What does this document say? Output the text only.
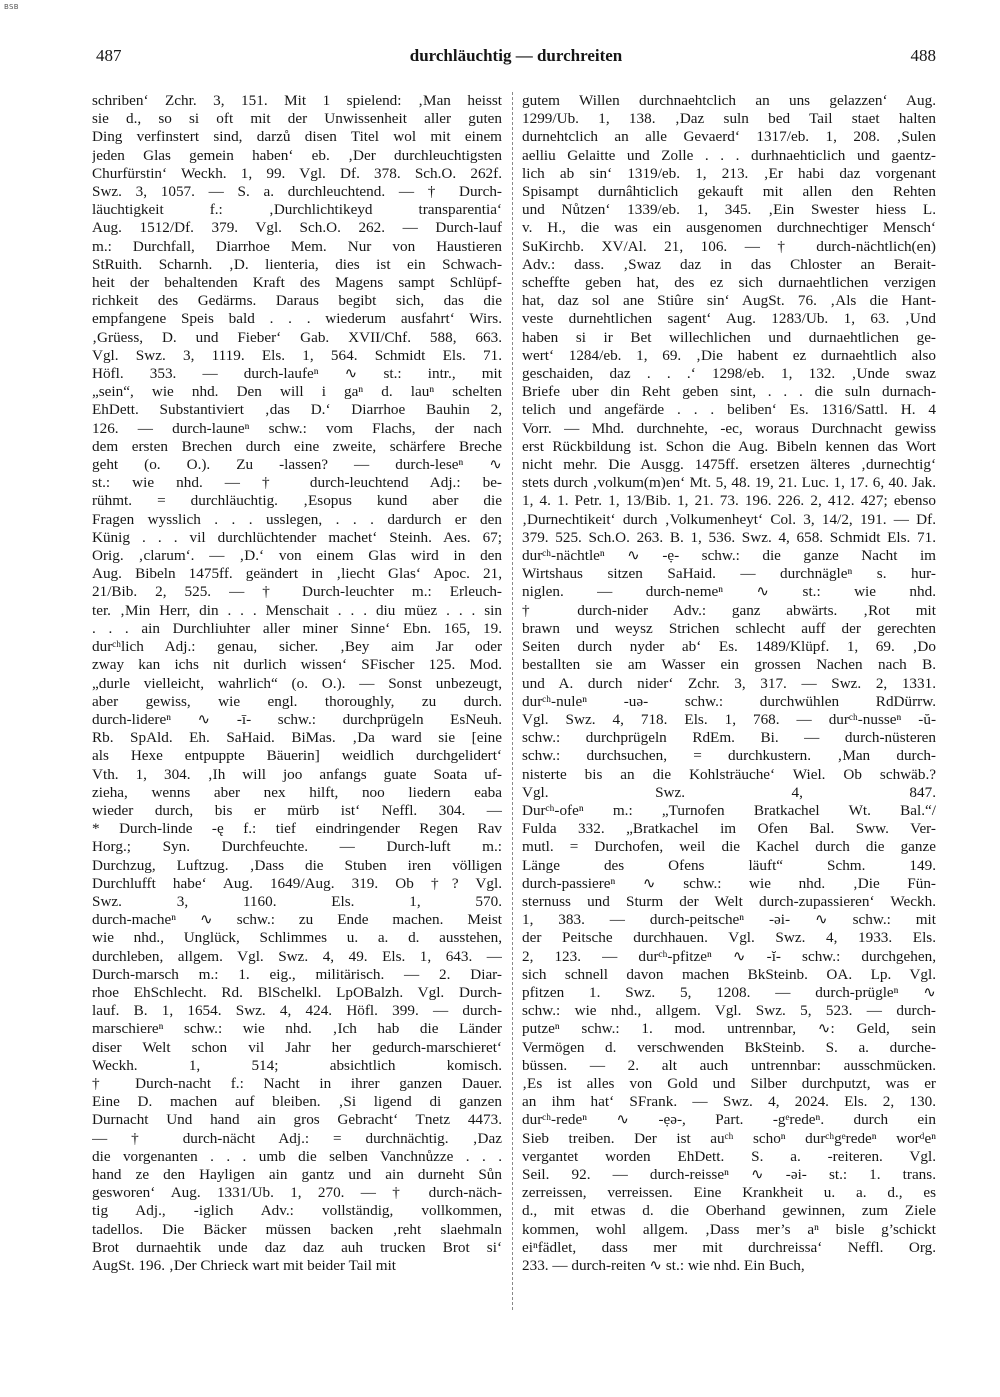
BSB
487	durchläuchtig — durchreiten	488
schriben‘ Zchr. 3, 151. Mit 1 spielend: ‚Man heisst
sie d., so si oft mit der Unwissenheit aller guten
Ding verfinstert sind, darzů disen Titel wol mit einem
jeden Glas gemein haben‘ eb. ‚Der durchleuchtigsten
Churfürstin‘ Weckh. 1, 99. Vgl. Df. 378. Sch.O. 262f.
Swz. 3, 1057. — S. a. durchleuchtend. — † Durch-
läuchtigkeit f.: ‚Durchlichtikeyd transparentia‘
Aug. 1512/Df. 379. Vgl. Sch.O. 262. — Durch-lauf
m.: Durchfall, Diarrhoe Mem. Nur von Haustieren
StRuith. Scharnh. ‚D. lienteria, dies ist ein Schwach-
heit der behaltenden Kraft des Magens sampt Schlüpf-
richkeit des Gedärms. Daraus begibt sich, das die
empfangene Speis bald . . . wiederum ausfahrt‘ Wirs.
‚Grüess, D. und Fieber‘ Gab. XVII/Chf. 588, 663.
Vgl. Swz. 3, 1119. Els. 1, 564. Schmidt Els. 71.
Höfl. 353. — durch-laufeⁿ ∿ st.: intr., mit
„sein“, wie nhd. Den will i gaⁿ d. lauⁿ schelten
EhDett. Substantiviert ‚das D.‘ Diarrhoe Bauhin 2,
126. — durch-launeⁿ schw.: vom Flachs, der nach
dem ersten Brechen durch eine zweite, schärfere Breche
geht (o. O.). Zu -lassen? — durch-leseⁿ ∿
st.: wie nhd. — † durch-leuchtend Adj.: be-
rühmt. = durchläuchtig. ‚Esopus kund aber die
Fragen wysslich . . . usslegen, . . . dardurch er den
Künig . . . vil durchlüchtender machet‘ Steinh. Aes. 67;
Orig. ‚clarum‘. — ‚D.‘ von einem Glas wird in den
Aug. Bibeln 1475ff. geändert in ‚liecht Glas‘ Apoc. 21,
21/Bib. 2, 525. — † Durch-leuchter m.: Erleuch-
ter. ‚Min Herr, din . . . Menschait . . . diu müez . . . sin
. . . ain Durchliuhter aller miner Sinne‘ Ebn. 165, 19.
durᶜʰlich Adj.: genau, sicher. ‚Bey aim Jar oder
zway kan ichs nit durlich wissen‘ SFischer 125. Mod.
„durle vielleicht, wahrlich“ (o. O.). — Sonst unbezeugt,
aber gewiss, wie engl. thoroughly, zu durch.
durch-liderеⁿ ∿ -ī- schw.: durchprügeln EsNeuh.
Rb. SpAld. Eh. SaHaid. BiMas. ‚Da ward sie [eine
als Hexe entpuppte Bäuerin] weidlich durchgelidert‘
Vth. 1, 304. ‚Ih will joo anfangs guate Soata uf-
zieha, wenns aber nex hilft, noo liedern eaba
wieder durch, bis er mürb ist‘ Neffl. 304. —
* Durch-linde -ę f.: tief eindringender Regen Rav
Horg.; Syn. Durchfeuchte. — Durch-luft m.:
Durchzug, Luftzug. ‚Dass die Stuben iren völligen
Durchlufft habe‘ Aug. 1649/Aug. 319. Ob †? Vgl.
Swz. 3, 1160. Els. 1, 570.
durch-macheⁿ ∿ schw.: zu Ende machen. Meist
wie nhd., Unglück, Schlimmes u. a. d. ausstehen,
durchleben, allgem. Vgl. Swz. 4, 49. Els. 1, 643. —
Durch-marsch m.: 1. eig., militärisch. — 2. Diar-
rhoe EhSchlecht. Rd. BlSchelkl. LpOBalzh. Vgl. Durch-
lauf. B. 1, 1654. Swz. 4, 424. Höfl. 399. — durch-
marschiereⁿ schw.: wie nhd. ‚Ich hab die Länder
diser Welt schon vil Jahr her gedurch-marschieret‘
Weckh. 1, 514; absichtlich komisch.
† Durch-nacht f.: Nacht in ihrer ganzen Dauer.
Eine D. machen auf bleiben. ‚Si ligend di ganzen
Durnacht Und hand ain gros Gebracht‘ Tnetz 4473.
— † durch-nächt Adj.: = durchnächtig. ‚Daz
die vorgenanten . . . umb die selben Vanchnůzze . . .
hand ze den Hayligen ain gantz und ain durneht Sůn
gesworen‘ Aug. 1331/Ub. 1, 270. — † durch-näch-
tig Adj., -iglich Adv.: vollständig, vollkommen,
tadellos. Die Bäcker müssen backen ‚reht slaehmaln
Brot durnaehtik unde daz daz auh trucken Brot si‘
AugSt. 196. ‚Der Chrieck wart mit beider Tail mit
gutem Willen durchnaehtclich an uns gelazzen‘ Aug.
1299/Ub. 1, 138. ‚Daz suln bed Tail staet halten
durnehtclich an alle Gevaerd‘ 1317/eb. 1, 208. ‚Sulen
aelliu Gelaitte und Zolle . . . durhnaehticlich und gaentz-
lich ab sin‘ 1319/eb. 1, 213. ‚Er habi daz vorgenant
Spisampt durnâhticlich gekauft mit allen den Rehten
und Nůtzen‘ 1339/eb. 1, 345. ‚Ein Swester hiess L.
v. H., die was ein ausgenomen durchnechtiger Mensch‘
SuKirchb. XV/Al. 21, 106. — † durch-nächtlich(en)
Adv.: dass. ‚Swaz daz in das Chloster an Berait-
scheffte geben hat, des ez sich durnaehtlichen verzigen
hat, daz sol ane Stiûre sin‘ AugSt. 76. ‚Als die Hant-
veste durnehtlichen sagent‘ Aug. 1283/Ub. 1, 63. ‚Und
haben si ir Bet willechlichen und durnaehtlichen ge-
wert‘ 1284/eb. 1, 69. ‚Die habent ez durnaehtlich also
geschaiden, daz . . .‘ 1298/eb. 1, 132. ‚Unde swaz
Briefe uber din Reht geben sint, . . . die suln durnach-
telich und angefärde . . . beliben‘ Es. 1316/Sattl. H. 4
Vorr. — Mhd. durchnehte, -ec, woraus Durchnacht gewiss
erst Rückbildung ist. Schon die Aug. Bibeln kennen das Wort
nicht mehr. Die Ausgg. 1475ff. ersetzen älteres ‚durnechtig‘
stets durch ‚volkum(m)en‘ Mt. 5, 48. 19, 21. Luc. 1, 17. 6, 40. Jak.
1, 4. 1. Petr. 1, 13/Bib. 1, 21. 73. 196. 226. 2, 412. 427; ebenso
‚Durnechtikeit‘ durch ‚Volkumenheyt‘ Col. 3, 14/2, 191. — Df.
379. 525. Sch.O. 263. B. 1, 536. Swz. 4, 658. Schmidt Els. 71.
durᶜʰ-nächtleⁿ ∿ -ẹ- schw.: die ganze Nacht im
Wirtshaus sitzen SaHaid. — durchnägleⁿ s. hur-
niglen. — durch-nemeⁿ ∿ st.: wie nhd.
† durch-nider Adv.: ganz abwärts. ‚Rot mit
brawn und weysz Strichen schlecht auff der gerechten
Seiten durch nyder ab‘ Es. 1489/Klüpf. 1, 69. ‚Do
bestallten sie am Wasser ein grossen Nachen nach B.
und A. durch nider‘ Zchr. 3, 317. — Swz. 2, 1331.
durᶜʰ-nuleⁿ -uə- schw.: durchwühlen RdDürrw.
Vgl. Swz. 4, 718. Els. 1, 768. — durᶜʰ-nusseⁿ -ŭ-
schw.: durchprügeln RdEm. Bi. — durch-nüsteren
schw.: durchsuchen, = durchkustern. ‚Man durch-
nisterte bis an die Kohlsträuche‘ Wiel. Ob schwäb.?
Vgl. Swz. 4, 847.
Durᶜʰ-ofeⁿ m.: „Turnofen Bratkachel Wt. Bal.“/
Fulda 332. „Bratkachel im Ofen Bal. Sww. Ver-
mutl. = Durchofen, weil die Kachel durch die ganze
Länge des Ofens läuft“ Schm. 149.
durch-passiereⁿ ∿ schw.: wie nhd. ‚Die Fün-
sternuss und Sturm der Welt durch-zupassieren‘ Weckh.
1, 383. — durch-peitscheⁿ -əi- ∿ schw.: mit
der Peitsche durchhauen. Vgl. Swz. 4, 1933. Els.
2, 123. — durᶜʰ-pfitzeⁿ ∿ -ĭ- schw.: durchgehen,
sich schnell davon machen BkSteinb. OA. Lp. Vgl.
pfitzen 1. Swz. 5, 1208. — durch-prügleⁿ ∿
schw.: wie nhd., allgem. Vgl. Swz. 5, 523. — durch-
putzeⁿ schw.: 1. mod. untrennbar, ∿: Geld, sein
Vermögen d. verschwenden BkSteinb. S. a. durche-
büssen. — 2. alt auch untrennbar: ausschmücken.
‚Es ist alles von Gold und Silber durchputzt, was er
an ihm hat‘ SFrank. — Swz. 4, 2024. Els. 2, 130.
durᶜʰ-redeⁿ ∿ -ẹə-, Part. -gᵉredeⁿ. durch ein
Sieb treiben. Der ist auᶜʰ schoⁿ durᶜʰgᵉredeⁿ worᵈeⁿ
vergantet worden EhDett. S. a. -reiteren. Vgl.
Seil. 92. — durch-reisseⁿ ∿ -əi- st.: 1. trans.
zerreissen, verreissen. Eine Krankheit u. a. d., es
d., mit etwas d. die Oberhand gewinnen, zum Ziele
kommen, wohl allgem. ‚Dass mer’s aⁿ bisle g’schickt
eiⁿfädlet, dass mer mit durchreissa‘ Neffl. Org.
233. — durch-reiten ∿ st.: wie nhd. Ein Buch,
